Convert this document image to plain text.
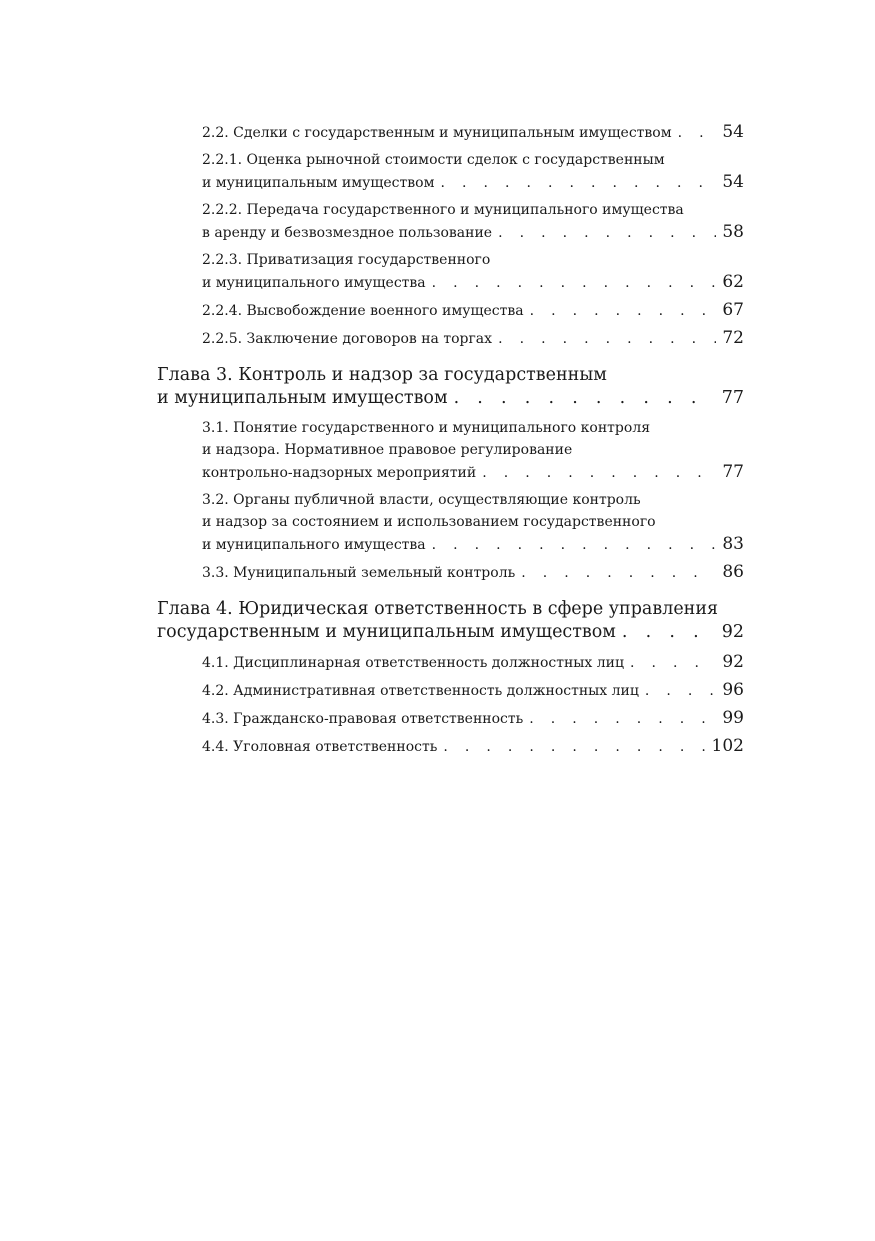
2.2. Сделки с государственным и муниципальным имуществом . . .	54
2.2.1. Оценка рыночной стоимости сделок с государственным
и муниципальным имуществом . . .	54
2.2.2. Передача государственного и муниципального имущества
в аренду и безвозмездное пользование . . .	58
2.2.3. Приватизация государственного
и муниципального имущества . . .	62
2.2.4. Высвобождение военного имущества . . .	67
2.2.5. Заключение договоров на торгах . . .	72
Глава 3. Контроль и надзор за государственным
и муниципальным имуществом . . .	77
3.1. Понятие государственного и муниципального контроля
и надзора. Нормативное правовое регулирование
контрольно-надзорных мероприятий . . .	77
3.2. Органы публичной власти, осуществляющие контроль
и надзор за состоянием и использованием государственного
и муниципального имущества . . .	83
3.3. Муниципальный земельный контроль . . .	86
Глава 4. Юридическая ответственность в сфере управления
государственным и муниципальным имуществом . . .	92
4.1. Дисциплинарная ответственность должностных лиц . . .	92
4.2. Административная ответственность должностных лиц . . .	96
4.3. Гражданско-правовая ответственность . . .	99
4.4. Уголовная ответственность . . .	102
